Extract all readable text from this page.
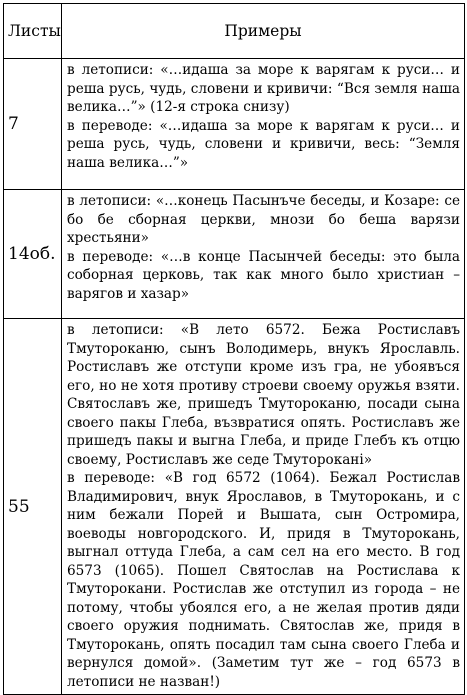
Листы	Примеры
7	в летописи: «…идаша за море к варягам к руси… и реша русь, чудь, словени и кривичи: “Вся земля наша велика…”» (12-я строка снизу)

в переводе: «…идаша за море к варягам к руси… и реша русь, чудь, словени и кривичи, весь: “Земля наша велика…”»

14об.	в летописи: «…конець Пасынъче беседы, и Козаре: се бо бе сборная церкви, мнози бо беша варязи хрестьяни»

в переводе: «…в конце Пасынчей беседы: это была соборная церковь, так как много было христиан – варягов и хазар»

55	в летописи: «В лето 6572. Бежа Ростиславъ Тмутороканю, сынъ Володимерь, внукъ Ярославль. Ростиславъ же отступи кроме изъ гра, не убоявъся его, но не хотя противу строеви своему оружья взяти. Святославъ же, пришедъ Тмутороканю, посади сына своего пакы Глеба, възвратися опять. Ростиславъ же пришедъ пакы и выгна Глеба, и приде Глебъ къ отцю своему, Ростиславъ же седе Тмутороканi»

в переводе: «В год 6572 (1064). Бежал Ростислав Владимирович, внук Ярославов, в Тмуторокань, и с ним бежали Порей и Вышата, сын Остромира, воеводы новгородского. И, придя в Тмуторокань, выгнал оттуда Глеба, а сам сел на его место. В год 6573 (1065). Пошел Святослав на Ростислава к Тмуторокани. Ростислав же отступил из города – не потому, чтобы убоялся его, а не желая против дяди своего оружия поднимать. Святослав же, придя в Тмуторокань, опять посадил там сына своего Глеба и вернулся домой». (Заметим тут же – год 6573 в летописи не назван!)
